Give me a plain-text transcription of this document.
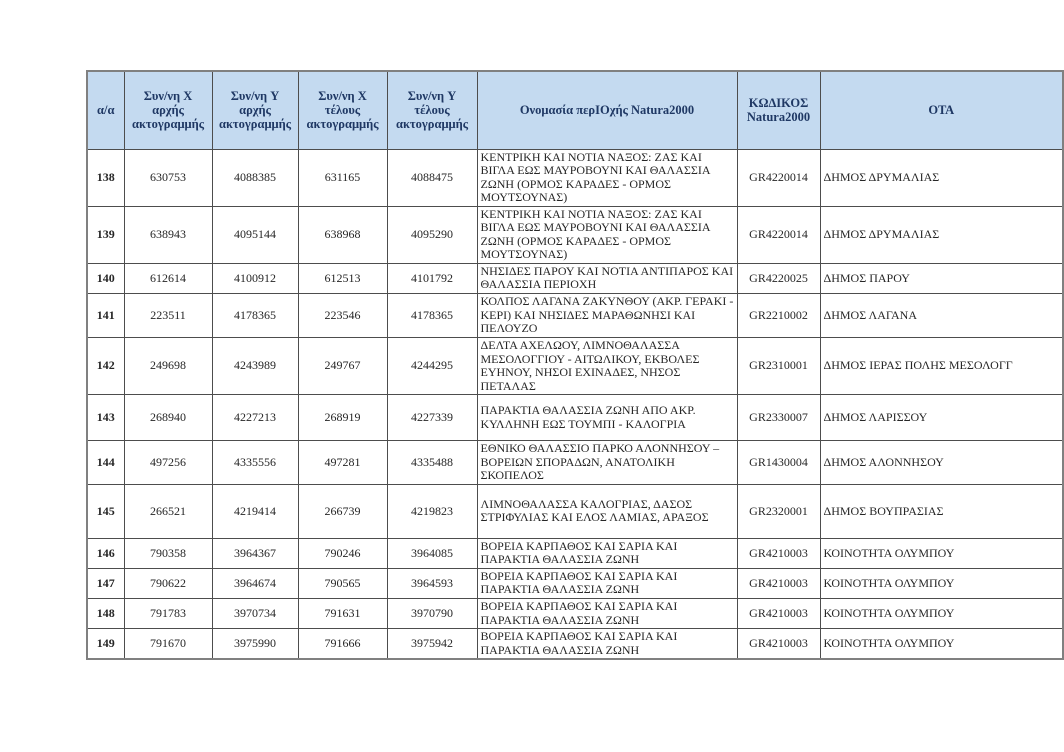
α/α	Συν/νη X αρχής ακτογραμμής	Συν/νη Y αρχής ακτογραμμής	Συν/νη X τέλους ακτογραμμής	Συν/νη Y τέλους ακτογραμμής	Ονομασία περΙΟχής Natura2000	ΚΩΔΙΚΟΣ Natura2000	ΟΤΑ
138	630753	4088385	631165	4088475	ΚΕΝΤΡΙΚΗ ΚΑΙ ΝΟΤΙΑ ΝΑΞΟΣ: ΖΑΣ ΚΑΙ ΒΙΓΛΑ ΕΩΣ ΜΑΥΡΟΒΟΥΝΙ ΚΑΙ ΘΑΛΑΣΣΙΑ ΖΩΝΗ (ΟΡΜΟΣ ΚΑΡΑΔΕΣ - ΟΡΜΟΣ ΜΟΥΤΣΟΥΝΑΣ)	GR4220014	ΔΗΜΟΣ ΔΡΥΜΑΛΙΑΣ
139	638943	4095144	638968	4095290	ΚΕΝΤΡΙΚΗ ΚΑΙ ΝΟΤΙΑ ΝΑΞΟΣ: ΖΑΣ ΚΑΙ ΒΙΓΛΑ ΕΩΣ ΜΑΥΡΟΒΟΥΝΙ ΚΑΙ ΘΑΛΑΣΣΙΑ ΖΩΝΗ (ΟΡΜΟΣ ΚΑΡΑΔΕΣ - ΟΡΜΟΣ ΜΟΥΤΣΟΥΝΑΣ)	GR4220014	ΔΗΜΟΣ ΔΡΥΜΑΛΙΑΣ
140	612614	4100912	612513	4101792	ΝΗΣΙΔΕΣ ΠΑΡΟΥ ΚΑΙ ΝΟΤΙΑ ΑΝΤΙΠΑΡΟΣ ΚΑΙ ΘΑΛΑΣΣΙΑ ΠΕΡΙΟΧΗ	GR4220025	ΔΗΜΟΣ ΠΑΡΟΥ
141	223511	4178365	223546	4178365	ΚΟΛΠΟΣ ΛΑΓΑΝΑ ΖΑΚΥΝΘΟΥ (ΑΚΡ. ΓΕΡΑΚΙ - ΚΕΡΙ) ΚΑΙ ΝΗΣΙΔΕΣ ΜΑΡΑΘΩΝΗΣΙ ΚΑΙ ΠΕΛΟΥΖΟ	GR2210002	ΔΗΜΟΣ ΛΑΓΑΝΑ
142	249698	4243989	249767	4244295	ΔΕΛΤΑ ΑΧΕΛΩΟΥ, ΛΙΜΝΟΘΑΛΑΣΣΑ ΜΕΣΟΛΟΓΓΙΟΥ - ΑΙΤΩΛΙΚΟΥ, ΕΚΒΟΛΕΣ ΕΥΗΝΟΥ, ΝΗΣΟΙ ΕΧΙΝΑΔΕΣ, ΝΗΣΟΣ ΠΕΤΑΛΑΣ	GR2310001	ΔΗΜΟΣ ΙΕΡΑΣ ΠΟΛΗΣ ΜΕΣΟΛΟΓΓ
143	268940	4227213	268919	4227339	ΠΑΡΑΚΤΙΑ ΘΑΛΑΣΣΙΑ ΖΩΝΗ ΑΠΟ ΑΚΡ. ΚΥΛΛΗΝΗ ΕΩΣ ΤΟΥΜΠΙ - ΚΑΛΟΓΡΙΑ	GR2330007	ΔΗΜΟΣ ΛΑΡΙΣΣΟΥ
144	497256	4335556	497281	4335488	ΕΘΝΙΚΟ ΘΑΛΑΣΣΙΟ ΠΑΡΚΟ ΑΛΟΝΝΗΣΟΥ – ΒΟΡΕΙΩΝ ΣΠΟΡΑΔΩΝ, ΑΝΑΤΟΛΙΚΗ ΣΚΟΠΕΛΟΣ	GR1430004	ΔΗΜΟΣ ΑΛΟΝΝΗΣΟΥ
145	266521	4219414	266739	4219823	ΛΙΜΝΟΘΑΛΑΣΣΑ ΚΑΛΟΓΡΙΑΣ, ΔΑΣΟΣ ΣΤΡΙΦΥΛΙΑΣ ΚΑΙ ΕΛΟΣ ΛΑΜΙΑΣ, ΑΡΑΞΟΣ	GR2320001	ΔΗΜΟΣ ΒΟΥΠΡΑΣΙΑΣ
146	790358	3964367	790246	3964085	ΒΟΡΕΙΑ ΚΑΡΠΑΘΟΣ ΚΑΙ ΣΑΡΙΑ ΚΑΙ ΠΑΡΑΚΤΙΑ ΘΑΛΑΣΣΙΑ ΖΩΝΗ	GR4210003	ΚΟΙΝΟΤΗΤΑ ΟΛΥΜΠΟΥ
147	790622	3964674	790565	3964593	ΒΟΡΕΙΑ ΚΑΡΠΑΘΟΣ ΚΑΙ ΣΑΡΙΑ ΚΑΙ ΠΑΡΑΚΤΙΑ ΘΑΛΑΣΣΙΑ ΖΩΝΗ	GR4210003	ΚΟΙΝΟΤΗΤΑ ΟΛΥΜΠΟΥ
148	791783	3970734	791631	3970790	ΒΟΡΕΙΑ ΚΑΡΠΑΘΟΣ ΚΑΙ ΣΑΡΙΑ ΚΑΙ ΠΑΡΑΚΤΙΑ ΘΑΛΑΣΣΙΑ ΖΩΝΗ	GR4210003	ΚΟΙΝΟΤΗΤΑ ΟΛΥΜΠΟΥ
149	791670	3975990	791666	3975942	ΒΟΡΕΙΑ ΚΑΡΠΑΘΟΣ ΚΑΙ ΣΑΡΙΑ ΚΑΙ ΠΑΡΑΚΤΙΑ ΘΑΛΑΣΣΙΑ ΖΩΝΗ	GR4210003	ΚΟΙΝΟΤΗΤΑ ΟΛΥΜΠΟΥ
